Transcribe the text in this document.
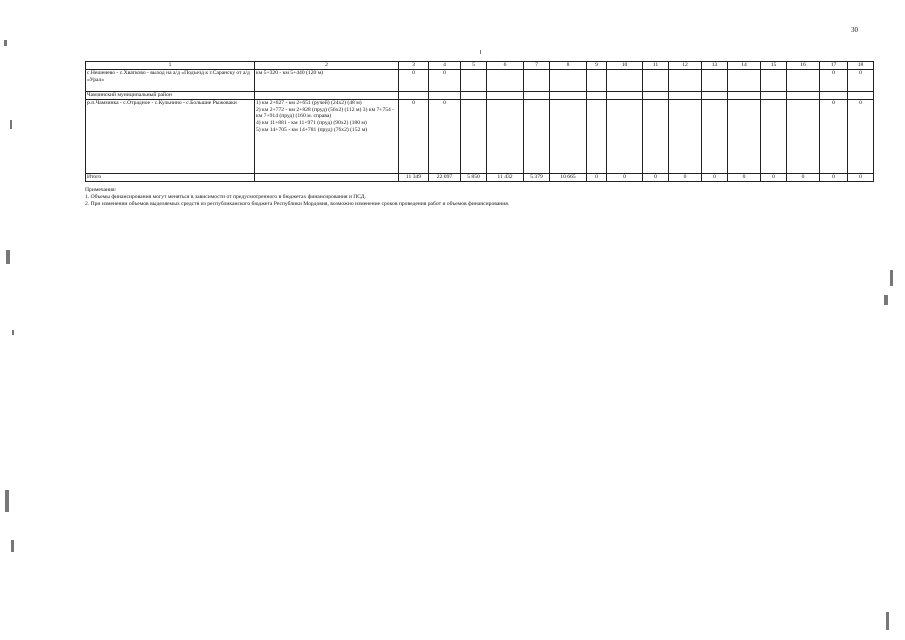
30
1	2	3	4	5	6	7	8	9	10	11	12	13	14	15	16	17	18
с.Нешенево - с.Хватково - выход на а/д «Подъезд к г.Саранску от а/д «Урал»	км 5+320 - км 5+440 (120 м)	0	0													0	0
Чамзинский муниципальный район																	
р.п.Чамзинка - с.Отрадное - с.Кульнино - с.Большие Рыжоваки	1) км 2+627 - км 2+651 (ручей) (24х2) (48 м)
2) км 2+772 - км 2+828 (пруд) (56х2) (112 м) 3) км 7+754 - км 7+914 (пруд) (160 м. справа)
4) км 11+881 - км 11+971 (пруд) (90х2) (180 м)
5) км 14+705 - км 14+781 (пруд) (76х2) (152 м)	0	0													0	0
Итого		11 349	22 097	5 850	11 432	5 379	10 665	0	0	0	0	0	0	0	0	0	0

Примечания:

1. Объемы финансирования могут меняться в зависимости от предусмотренного в бюджетах финансирования и ПСД.

2. При изменении объемов выделяемых средств из республиканского бюджета Республики Мордовия, возможно изменение сроков проведения работ и объемов финансирования.
